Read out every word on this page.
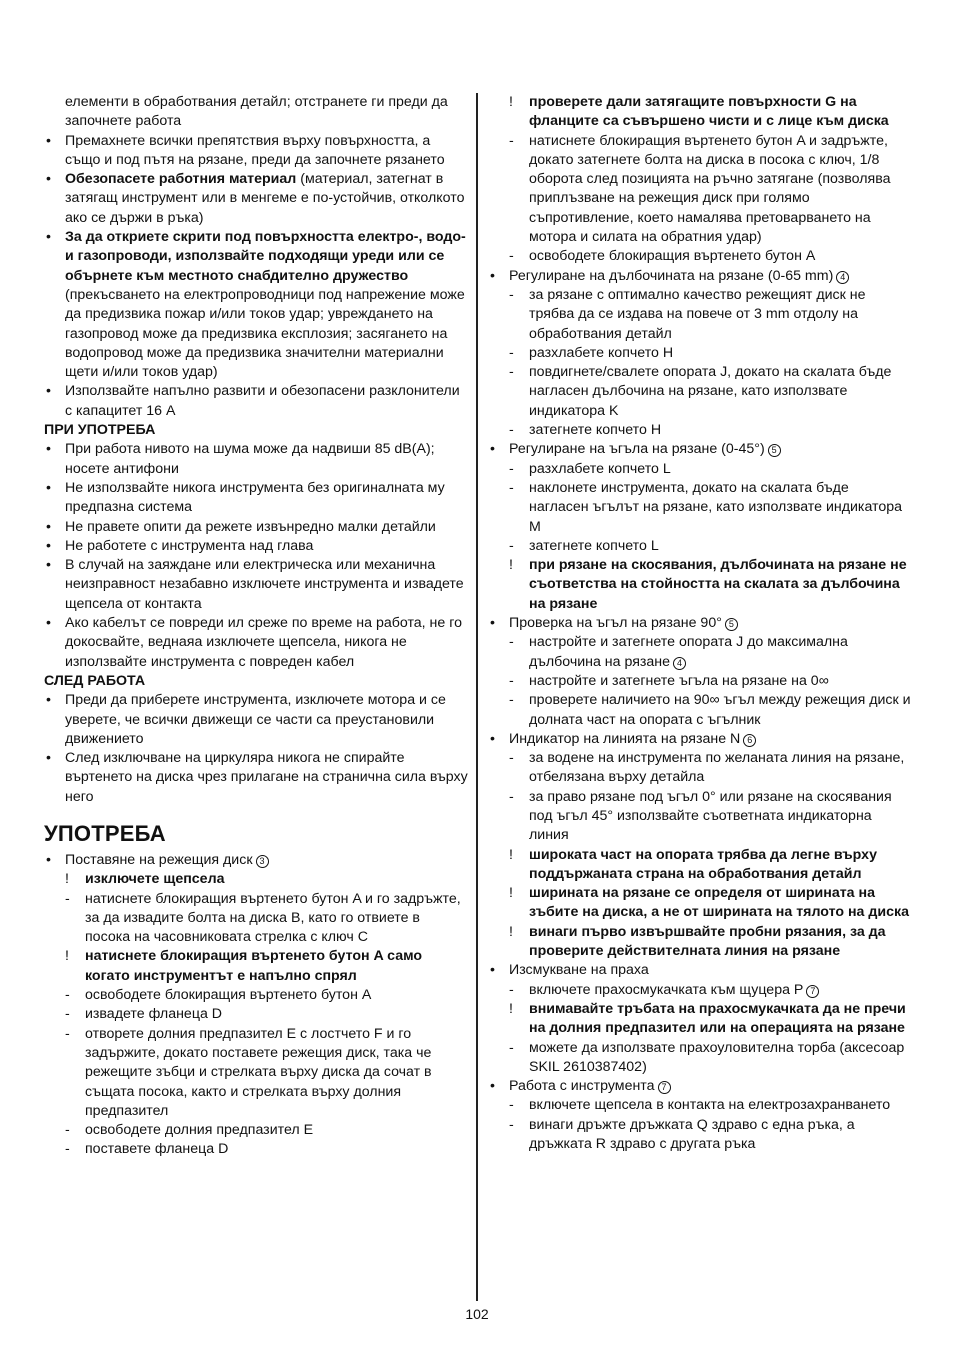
елементи в обработвания детайл; отстранете ги преди да започнете работа
• Премахнете всички препятствия върху повърхността, а също и под пътя на рязане, преди да започнете рязането
• Обезопасете работния материал (материал, затегнат в затягащ инструмент или в менгеме е по-устойчив, отколкото ако се държи в ръка)
• За да откриете скрити под повърхността електро-, водо- и газопроводи, използвайте подходящи уреди или се обърнете към местното снабдително дружество (прекъсването на електропроводници под напрежение може да предизвика пожар и/или токов удар; увреждането на газопровод може да предизвика експлозия; засягането на водопровод може да предизвика значителни материални щети и/или токов удар)
• Използвайте напълно развити и обезопасени разклонители с капацитет 16 A
ПРИ УПОТРЕБА
• При работа нивото на шума може да надвиши 85 dB(A); носете антифони
• Не използвайте никога инструмента без оригиналната му предпазна система
• Не правете опити да режете извънредно малки детайли
• Не работете с инструмента над глава
• В случай на заяждане или електрическа или механична неизправност незабавно изключете инструмента и извадете щепсела от контакта
• Ако кабелът се повреди ил среже по време на работа, не го докосвайте, веднаяа изключете щепсела, никога не използвайте инструмента с повреден кабел
СЛЕД РАБОТА
• Преди да приберете инструмента, изключете мотора и се уверете, че всички движещи се части са преустановили движението
• След изключване на циркуляра никога не спирайте въртенето на диска чрез прилагане на странична сила върху него
УПОТРЕБА
• Поставяне на режещия диск 3
! изключете щепсела
- натиснете блокиращия въртенето бутон A и го задръжте, за да извадите болта на диска B, като го отвиете в посока на часовниковата стрелка с ключ C
! натиснете блокиращия въртенето бутон A само когато инструментът е напълно спрял
- освободете блокиращия въртенето бутон A
- извадете фланеца D
- отворете долния предпазител E с лостчето F и го задържите, докато поставете режещия диск, така че режещите зъбци и стрелката върху диска да сочат в същата посока, както и стрелката върху долния предпазител
- освободете долния предпазител E
- поставете фланеца D
! проверете дали затягащите повърхности G на фланците са съвършено чисти и с лице към диска
- натиснете блокиращия въртенето бутон A и задръжте, докато затегнете болта на диска в посока с ключ, 1/8 оборота след позицията на ръчно затягане (позволява приплъзване на режещия диск при голямо съпротивление, което намалява претоварването на мотора и силата на обратния удар)
- освободете блокиращия въртенето бутон A
• Регулиране на дълбочината на рязане (0-65 mm) 4
- за рязане с оптимално качество режещият диск не трябва да се издава на повече от 3 mm отдолу на обработвания детайл
- разхлабете копчето H
- повдигнете/свалете опората J, докато на скалата бъде нагласен дълбочина на рязане, като използвате индикатора K
- затегнете копчето H
• Регулиране на ъгъла на рязане (0-45°) 5
- разхлабете копчето L
- наклонете инструмента, докато на скалата бъде нагласен ъгълът на рязане, като използвате индикатора M
- затегнете копчето L
! при рязане на скосявания, дълбочината на рязане не съответства на стойността на скалата за дълбочина на рязане
• Проверка на ъгъл на рязане 90° 5
- настройте и затегнете опората J до максимална дълбочина на рязане 4
- настройте и затегнете ъгъла на рязане на 0∞
- проверете наличието на 90∞ ъгъл между режещия диск и долната част на опората с ъгълник
• Индикатор на линията на рязане N 6
- за водене на инструмента по желаната линия на рязане, отбелязана върху детайла
- за право рязане под ъгъл 0° или рязане на скосявания под ъгъл 45° използвайте съответната индикаторна линия
! широката част на опората трябва да легне върху поддържаната страна на обработвания детайл
! ширината на рязане се определя от ширината на зъбите на диска, а не от ширината на тялото на диска
! винаги първо извършвайте пробни рязания, за да проверите действителната линия на рязане
• Изсмукване на праха
- включете прахосмукачката към щуцера P 7
! внимавайте тръбата на прахосмукачката да не пречи на долния предпазител или на операцията на рязане
- можете да използвате прахоуловителна торба (аксесоар SKIL 2610387402)
• Работа с инструмента 7
- включете щепсела в контакта на електрозахранването
- винаги дръжте дръжката Q здраво с една ръка, а дръжката R здраво с другата ръка
102
